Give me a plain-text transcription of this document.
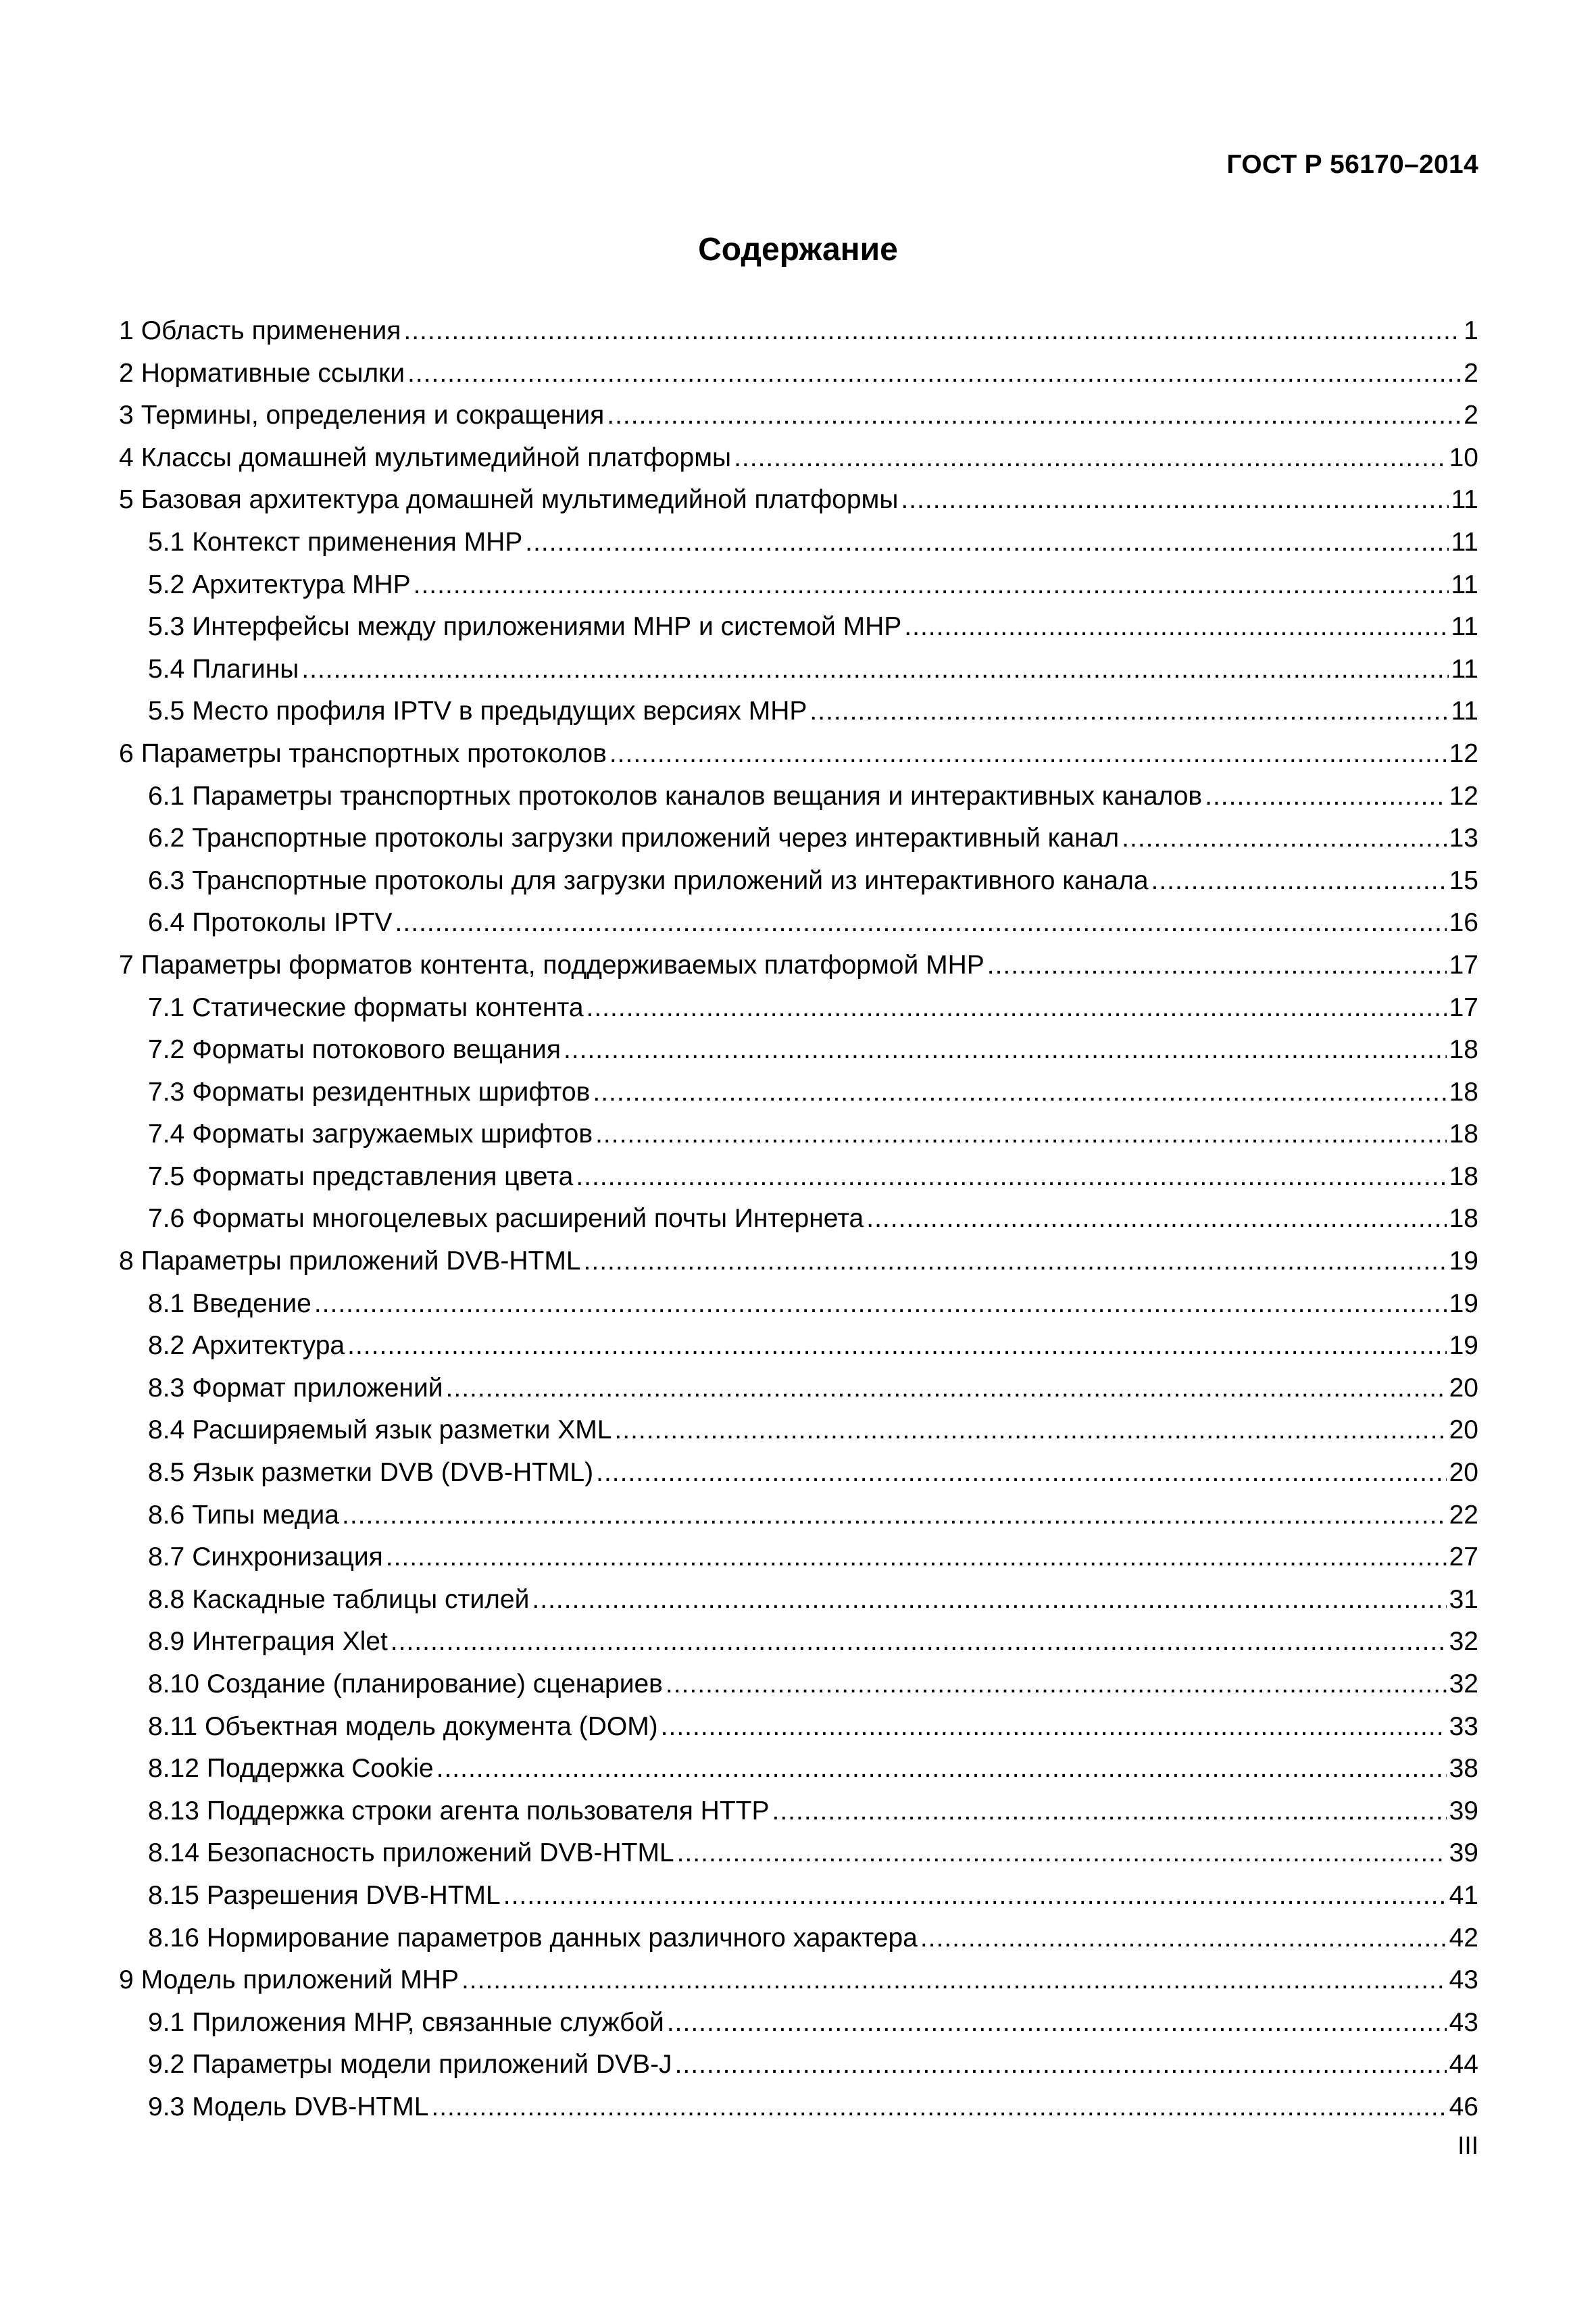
ГОСТ Р 56170–2014
Содержание
1 Область применения .....	1
2 Нормативные ссылки .....	2
3 Термины, определения и сокращения .....	2
4 Классы домашней мультимедийной платформы .....	10
5 Базовая архитектура домашней мультимедийной платформы .....	11
5.1 Контекст применения МНР .....	11
5.2 Архитектура МНР .....	11
5.3 Интерфейсы между приложениями МНР и системой МНР .....	11
5.4 Плагины .....	11
5.5 Место профиля IPTV в предыдущих версиях МНР .....	11
6 Параметры транспортных протоколов .....	12
6.1 Параметры транспортных протоколов каналов вещания и интерактивных каналов .....	12
6.2 Транспортные протоколы загрузки приложений через интерактивный канал .....	13
6.3 Транспортные протоколы для загрузки приложений из интерактивного канала .....	15
6.4 Протоколы IPTV .....	16
7 Параметры форматов контента, поддерживаемых платформой МНР .....	17
7.1 Статические форматы контента .....	17
7.2 Форматы потокового вещания .....	18
7.3 Форматы резидентных шрифтов .....	18
7.4 Форматы загружаемых шрифтов .....	18
7.5 Форматы представления цвета .....	18
7.6 Форматы многоцелевых расширений почты Интернета .....	18
8 Параметры приложений DVB-HTML .....	19
8.1 Введение .....	19
8.2 Архитектура .....	19
8.3 Формат приложений .....	20
8.4 Расширяемый язык разметки XML .....	20
8.5 Язык разметки DVB (DVB-HTML) .....	20
8.6 Типы медиа .....	22
8.7 Синхронизация .....	27
8.8 Каскадные таблицы стилей .....	31
8.9 Интеграция Xlet .....	32
8.10 Создание (планирование) сценариев .....	32
8.11 Объектная модель документа (DOM) .....	33
8.12 Поддержка Cookie .....	38
8.13 Поддержка строки агента пользователя НТТР .....	39
8.14 Безопасность приложений DVB-HTML .....	39
8.15 Разрешения DVB-HTML .....	41
8.16 Нормирование параметров данных различного характера .....	42
9 Модель приложений МНР .....	43
9.1 Приложения МНР, связанные службой .....	43
9.2 Параметры модели приложений DVB-J .....	44
9.3 Модель DVB-HTML .....	46
III
